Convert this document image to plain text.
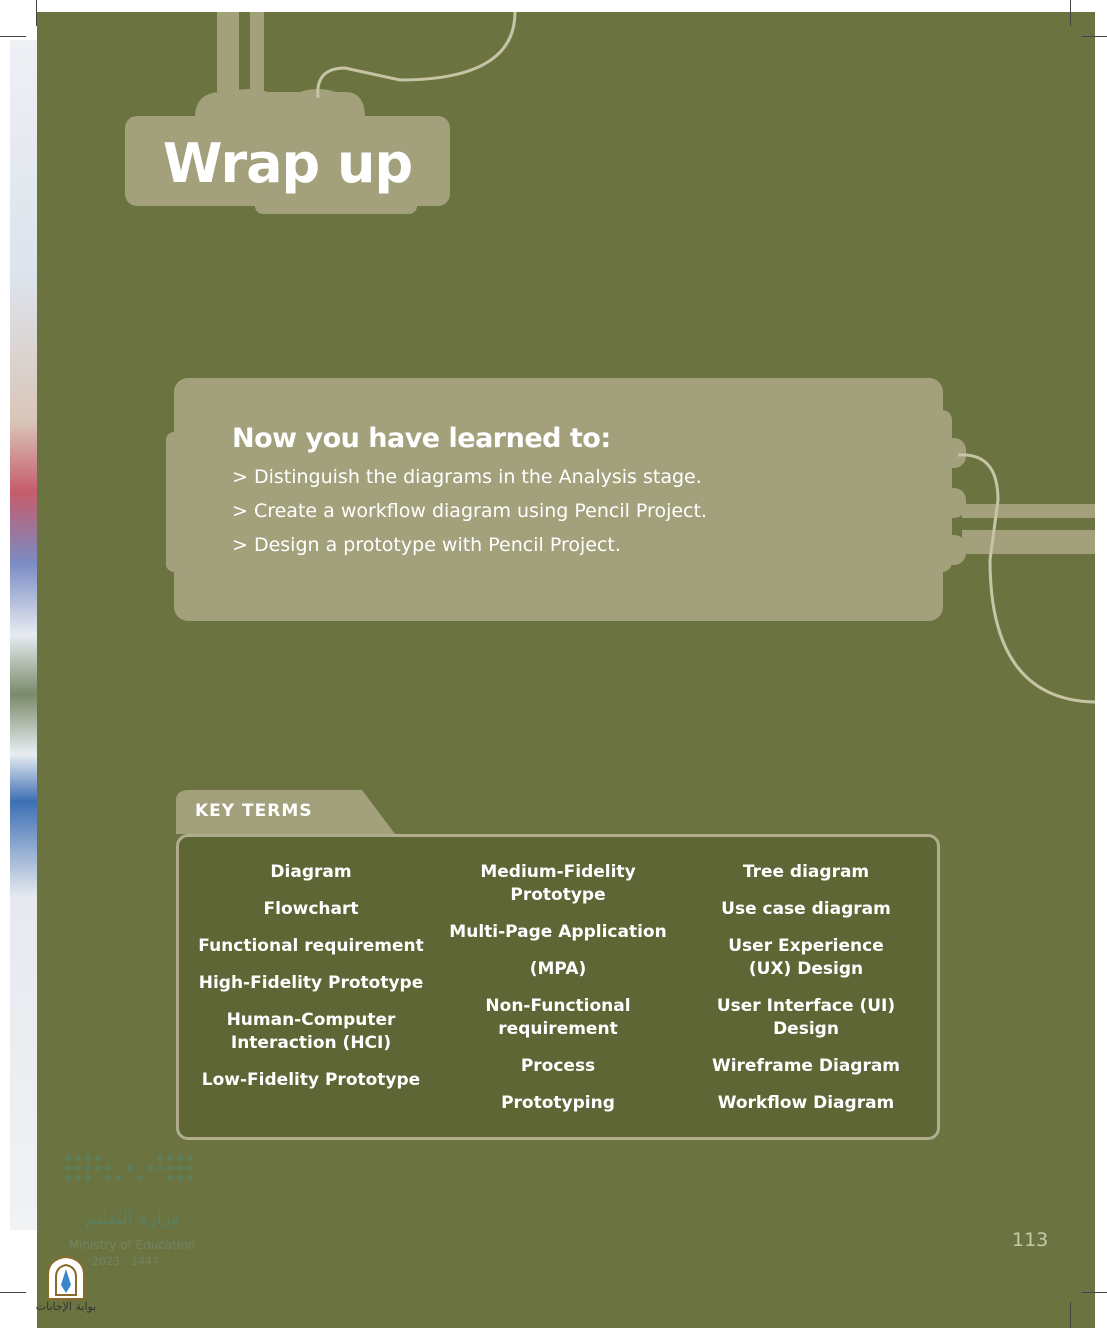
Wrap up
Now you have learned to:
> Distinguish the diagrams in the Analysis stage.
> Create a workflow diagram using Pencil Project.
> Design a prototype with Pencil Project.
KEY TERMS
Diagram
Flowchart
Functional requirement
High-Fidelity Prototype
Human-Computer Interaction (HCI)
Low-Fidelity Prototype
Medium-Fidelity Prototype
Multi-Page Application
(MPA)
Non-Functional requirement
Process
Prototyping
Tree diagram
Use case diagram
User Experience (UX) Design
User Interface (UI) Design
Wireframe Diagram
Workflow Diagram
113
وزارة التعليم
Ministry of Education
2023 - 1447
بوابة الإجابات
